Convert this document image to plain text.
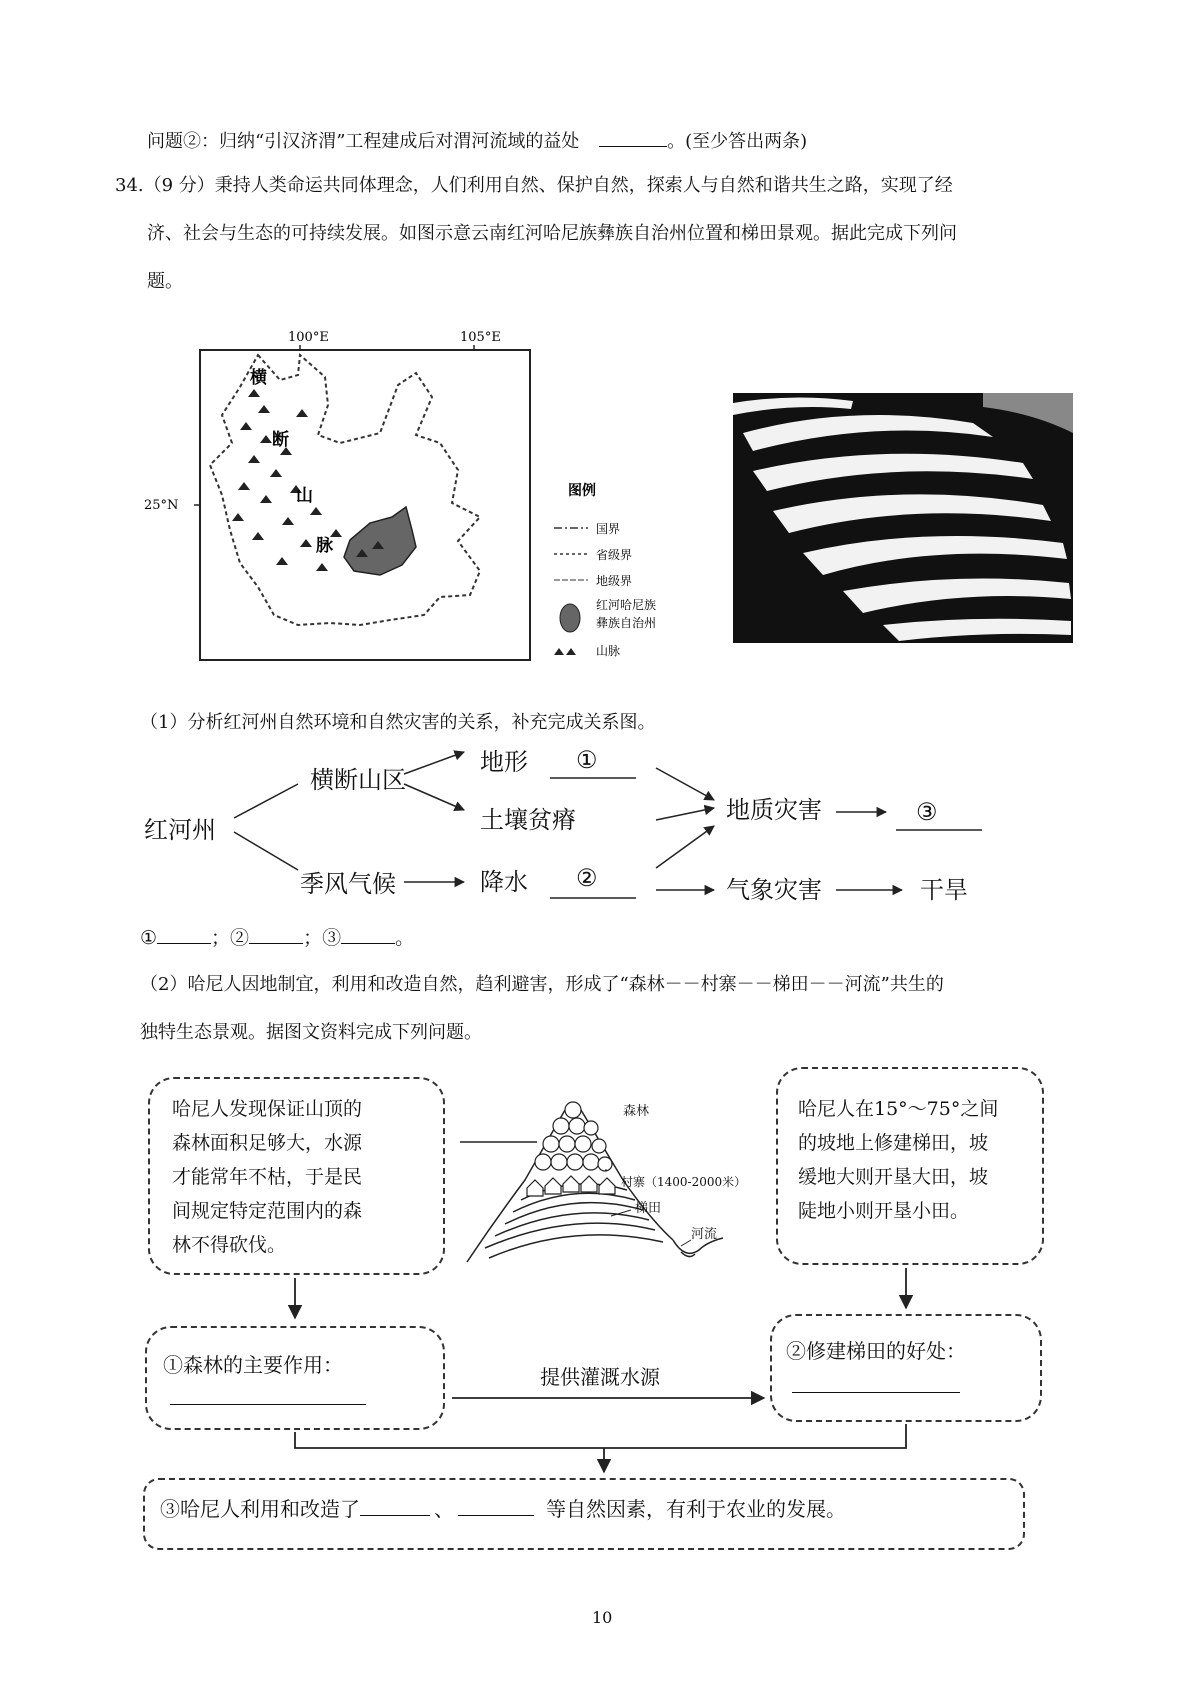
问题②：归纳“引汉济渭”工程建成后对渭河流域的益处	。(至少答出两条)
34.（9 分）秉持人类命运共同体理念，人们利用自然、保护自然，探索人与自然和谐共生之路，实现了经
济、社会与生态的可持续发展。如图示意云南红河哈尼族彝族自治州位置和梯田景观。据此完成下列问
题。
100°E	105°E
25°N
横
断
山
脉
图例
国界
省级界
地级界
红河哈尼族
彝族自治州
山脉
（1）分析红河州自然环境和自然灾害的关系，补充完成关系图。
红河州
横断山区
季风气候
地形
土壤贫瘠
降水
地质灾害
气象灾害	干旱
①
②
③
①	；②	；③	。
（2）哈尼人因地制宜，利用和改造自然，趋利避害，形成了“森林－－村寨－－梯田－－河流”共生的
独特生态景观。据图文资料完成下列问题。
哈尼人发现保证山顶的
森林面积足够大，水源
才能常年不枯，于是民
间规定特定范围内的森
林不得砍伐。
哈尼人在15°～75°之间
的坡地上修建梯田，坡
缓地大则开垦大田，坡
陡地小则开垦小田。
森林
村寨（1400-2000米）
梯田
河流
①森林的主要作用：	提供灌溉水源
②修建梯田的好处：
③哈尼人利用和改造了	、	等自然因素，有利于农业的发展。
10
